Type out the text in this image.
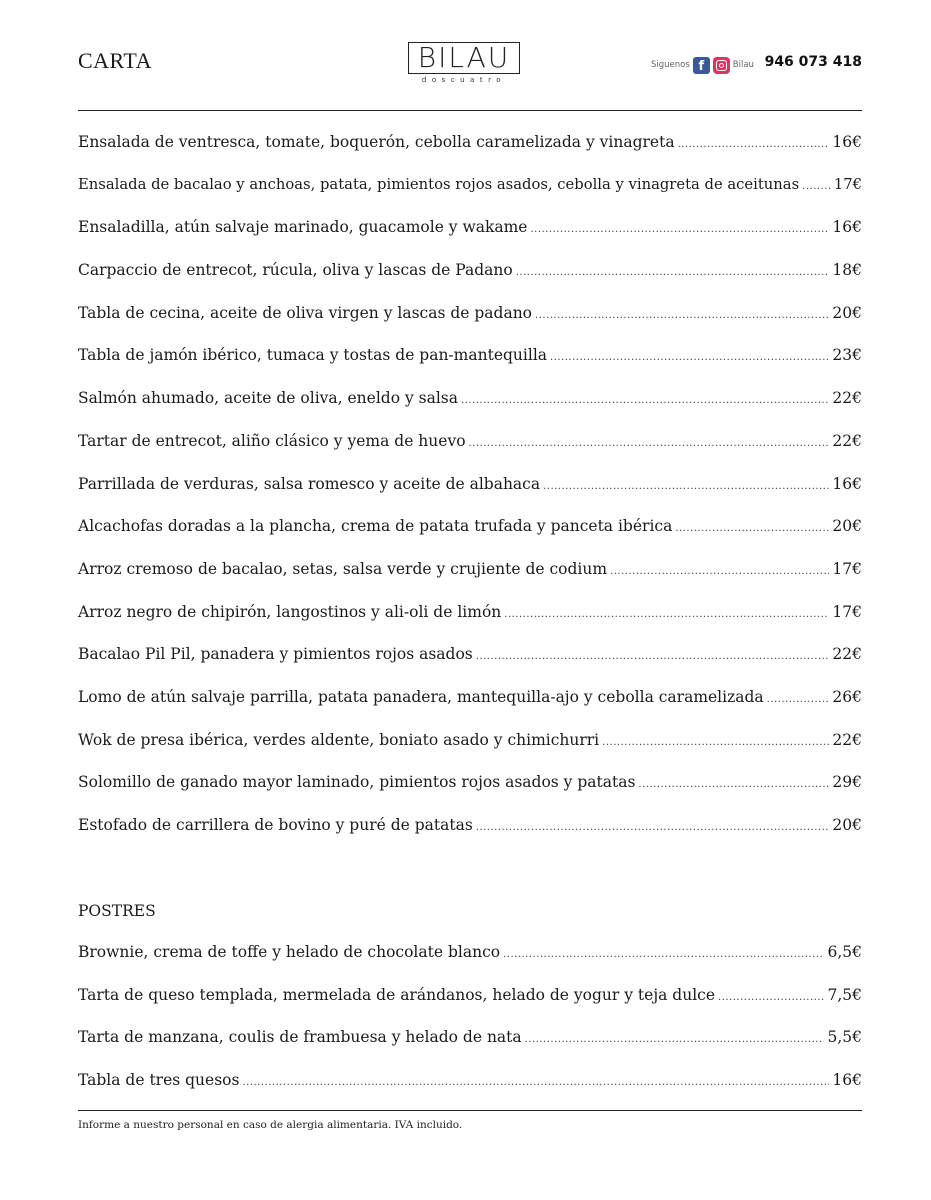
CARTA	BILAU
doscuatro
Siguenos f	Bilau 946 073 418
Ensalada de ventresca, tomate, boquerón, cebolla caramelizada y vinagreta .....	16€
Ensalada de bacalao y anchoas, patata, pimientos rojos asados, cebolla y vinagreta de aceitunas ..... 17€
Ensaladilla, atún salvaje marinado, guacamole y wakame .....	16€
Carpaccio de entrecot, rúcula, oliva y lascas de Padano .....	18€
Tabla de cecina, aceite de oliva virgen y lascas de padano .....	20€
Tabla de jamón ibérico, tumaca y tostas de pan-mantequilla .....	23€
Salmón ahumado, aceite de oliva, eneldo y salsa .....	22€
Tartar de entrecot, aliño clásico y yema de huevo .....	22€
Parrillada de verduras, salsa romesco y aceite de albahaca .....	16€
Alcachofas doradas a la plancha, crema de patata trufada y panceta ibérica .....	20€
Arroz cremoso de bacalao, setas, salsa verde y crujiente de codium .....	17€
Arroz negro de chipirón, langostinos y ali-oli de limón .....	17€
Bacalao Pil Pil, panadera y pimientos rojos asados .....	22€
Lomo de atún salvaje parrilla, patata panadera, mantequilla-ajo y cebolla caramelizada .....	26€
Wok de presa ibérica, verdes aldente, boniato asado y chimichurri .....	22€
Solomillo de ganado mayor laminado, pimientos rojos asados y patatas .....	29€
Estofado de carrillera de bovino y puré de patatas .....	20€
POSTRES
Brownie, crema de toffe y helado de chocolate blanco .....	6,5€
Tarta de queso templada, mermelada de arándanos, helado de yogur y teja dulce .....	7,5€
Tarta de manzana, coulis de frambuesa y helado de nata .....	5,5€
Tabla de tres quesos .....	16€
Informe a nuestro personal en caso de alergia alimentaria. IVA incluido.
